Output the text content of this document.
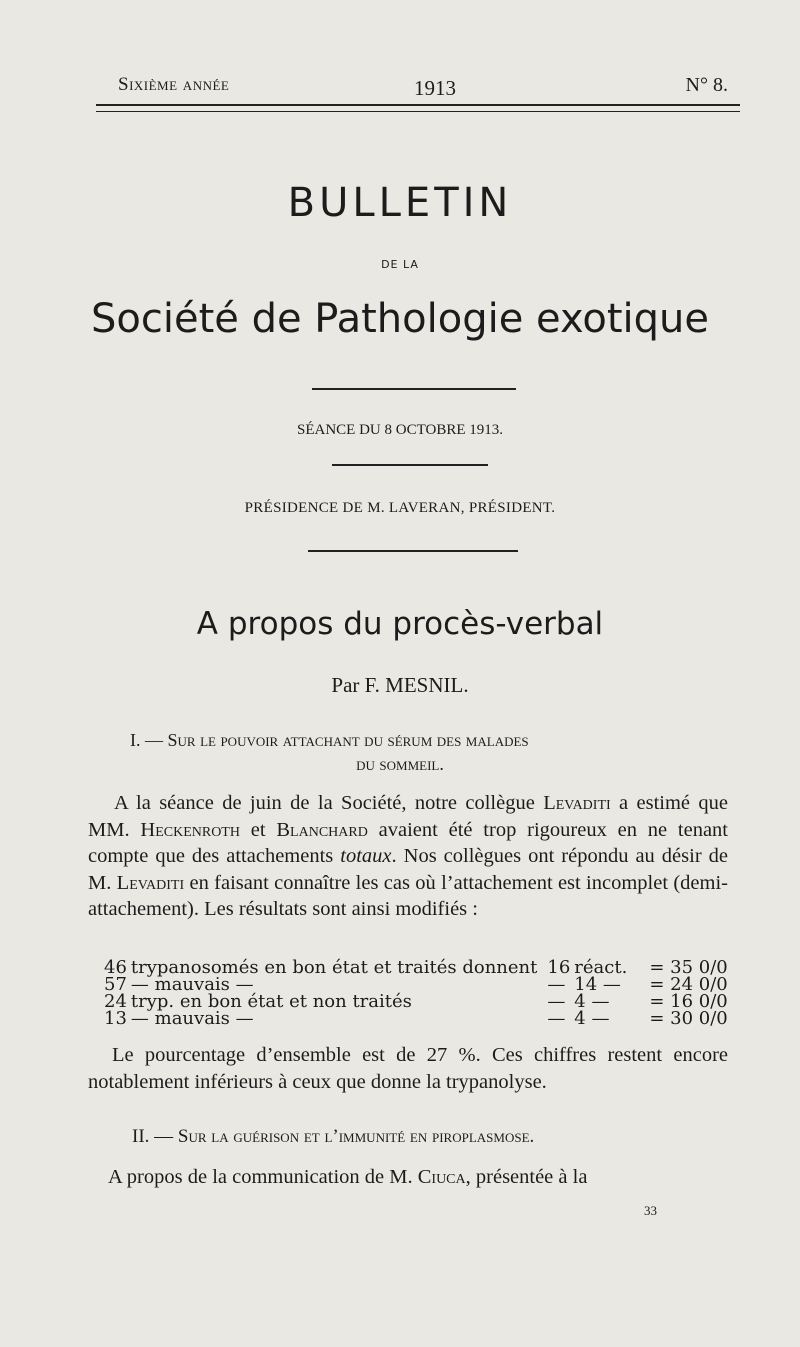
Sixième année	1913	N° 8.
BULLETIN
DE LA
Société de Pathologie exotique
SÉANCE DU 8 OCTOBRE 1913.
PRÉSIDENCE DE M. LAVERAN, PRÉSIDENT.
A propos du procès-verbal
Par F. MESNIL.
I. — Sur le pouvoir attachant du sérum des malades
du sommeil.
A la séance de juin de la Société, notre collègue Levaditi a estimé que MM. Heckenroth et Blanchard avaient été trop rigoureux en ne tenant compte que des attachements totaux. Nos collègues ont répondu au désir de M. Levaditi en faisant connaître les cas où l’attachement est incomplet (demi-attachement). Les résultats sont ainsi modifiés :
46	trypanosomés en bon état et traités donnent	16	réact.	= 35 0/0
57	— mauvais —	—	14 —	= 24 0/0
24	tryp. en bon état et non traités	—	4 —	= 16 0/0
13	— mauvais —	—	4 —	= 30 0/0
Le pourcentage d’ensemble est de 27 %. Ces chiffres restent encore notablement inférieurs à ceux que donne la trypanolyse.
II. — Sur la guérison et l’immunité en piroplasmose.
A propos de la communication de M. Ciuca, présentée à la
33
